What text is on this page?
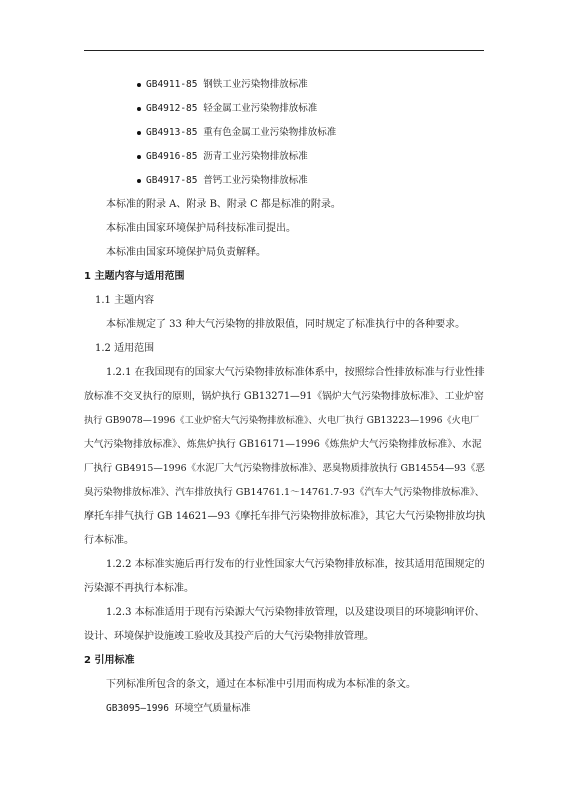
GB4911-85 钢铁工业污染物排放标准
GB4912-85 轻金属工业污染物排放标准
GB4913-85 重有色金属工业污染物排放标准
GB4916-85 沥青工业污染物排放标准
GB4917-85 普钙工业污染物排放标准
本标准的附录 A、附录 B、附录 C 都是标准的附录。
本标准由国家环境保护局科技标准司提出。
本标准由国家环境保护局负责解释。
1 主题内容与适用范围
1.1 主题内容
本标准规定了 33 种大气污染物的排放限值，同时规定了标准执行中的各种要求。
1.2 适用范围
1.2.1 在我国现有的国家大气污染物排放标准体系中，按照综合性排放标准与行业性排
放标准不交叉执行的原则，锅炉执行 GB13271—91《锅炉大气污染物排放标准》、工业炉窑
执行 GB9078—1996《工业炉窑大气污染物排放标准》、火电厂执行 GB13223—1996《火电厂
大气污染物排放标准》、炼焦炉执行 GB16171—1996《炼焦炉大气污染物排放标准》、水泥
厂执行 GB4915—1996《水泥厂大气污染物排放标准》、恶臭物质排放执行 GB14554—93《恶
臭污染物排放标准》、汽车排放执行 GB14761.1～14761.7-93《汽车大气污染物排放标准》、
摩托车排气执行 GB 14621—93《摩托车排气污染物排放标准》，其它大气污染物排放均执
行本标准。
1.2.2 本标准实施后再行发布的行业性国家大气污染物排放标准，按其适用范围规定的
污染源不再执行本标准。
1.2.3 本标准适用于现有污染源大气污染物排放管理，以及建设项目的环境影响评价、
设计、环境保护设施竣工验收及其投产后的大气污染物排放管理。
2 引用标准
下列标准所包含的条文，通过在本标准中引用而构成为本标准的条文。
GB3095—1996 环境空气质量标准
